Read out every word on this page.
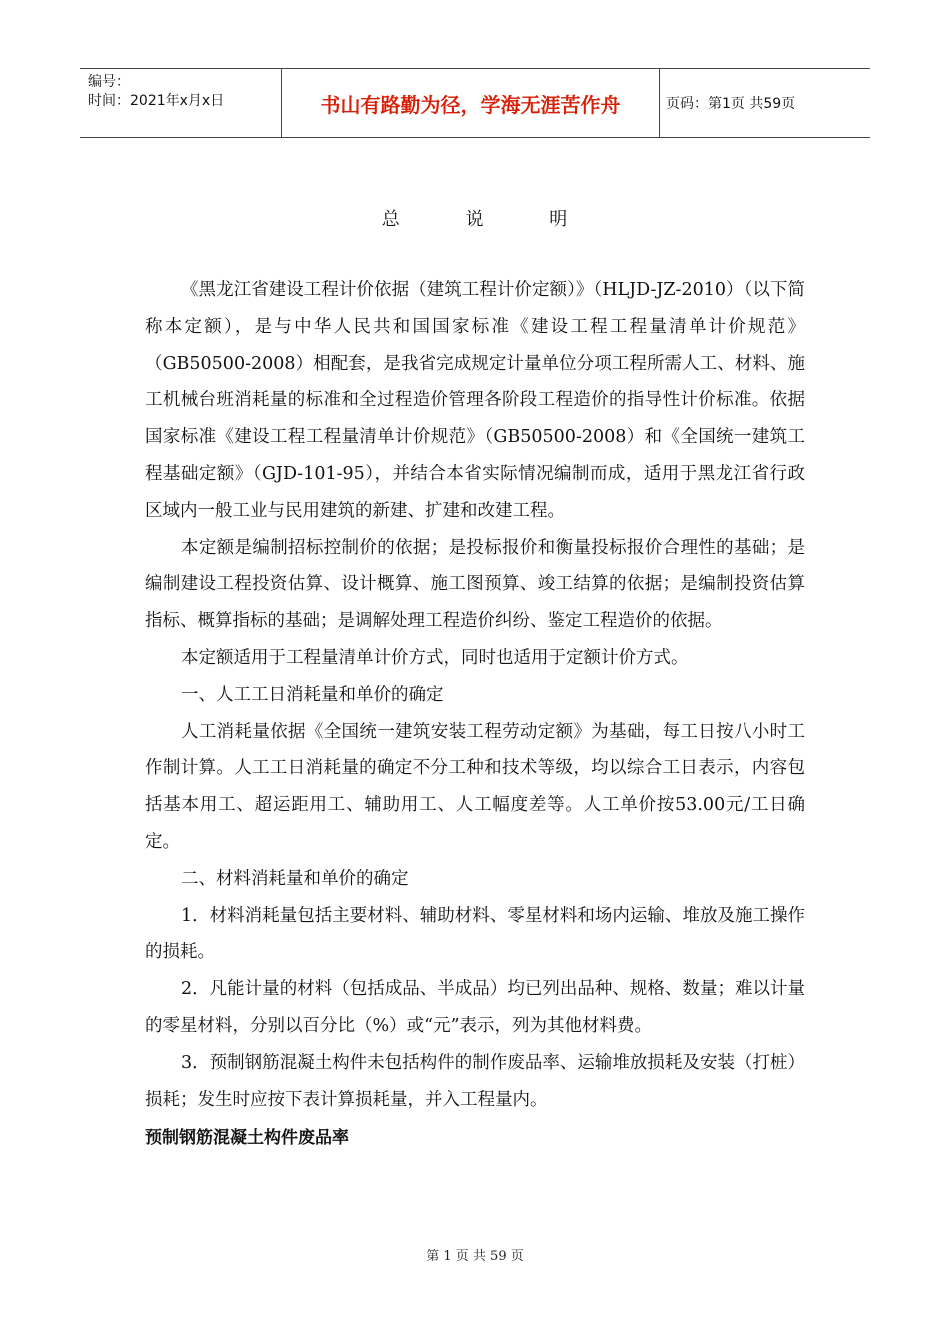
编号：
时间：2021年x月x日	书山有路勤为径，学海无涯苦作舟	页码：第1页 共59页
总	说	明

《黑龙江省建设工程计价依据（建筑工程计价定额）》（HLJD-JZ-2010）（以下简称本定额），是与中华人民共和国国家标准《建设工程工程量清单计价规范》（GB50500-2008）相配套，是我省完成规定计量单位分项工程所需人工、材料、施工机械台班消耗量的标准和全过程造价管理各阶段工程造价的指导性计价标准。依据国家标准《建设工程工程量清单计价规范》（GB50500-2008）和《全国统一建筑工程基础定额》（GJD-101-95），并结合本省实际情况编制而成，适用于黑龙江省行政区域内一般工业与民用建筑的新建、扩建和改建工程。

本定额是编制招标控制价的依据；是投标报价和衡量投标报价合理性的基础；是编制建设工程投资估算、设计概算、施工图预算、竣工结算的依据；是编制投资估算指标、概算指标的基础；是调解处理工程造价纠纷、鉴定工程造价的依据。

本定额适用于工程量清单计价方式，同时也适用于定额计价方式。

一、人工工日消耗量和单价的确定

人工消耗量依据《全国统一建筑安装工程劳动定额》为基础，每工日按八小时工作制计算。人工工日消耗量的确定不分工种和技术等级，均以综合工日表示，内容包括基本用工、超运距用工、辅助用工、人工幅度差等。人工单价按53.00元/工日确定。

二、材料消耗量和单价的确定

1．材料消耗量包括主要材料、辅助材料、零星材料和场内运输、堆放及施工操作的损耗。

2．凡能计量的材料（包括成品、半成品）均已列出品种、规格、数量；难以计量的零星材料，分别以百分比（%）或“元”表示，列为其他材料费。

3．预制钢筋混凝土构件未包括构件的制作废品率、运输堆放损耗及安装（打桩）损耗；发生时应按下表计算损耗量，并入工程量内。

预制钢筋混凝土构件废品率

第 1 页 共 59 页
